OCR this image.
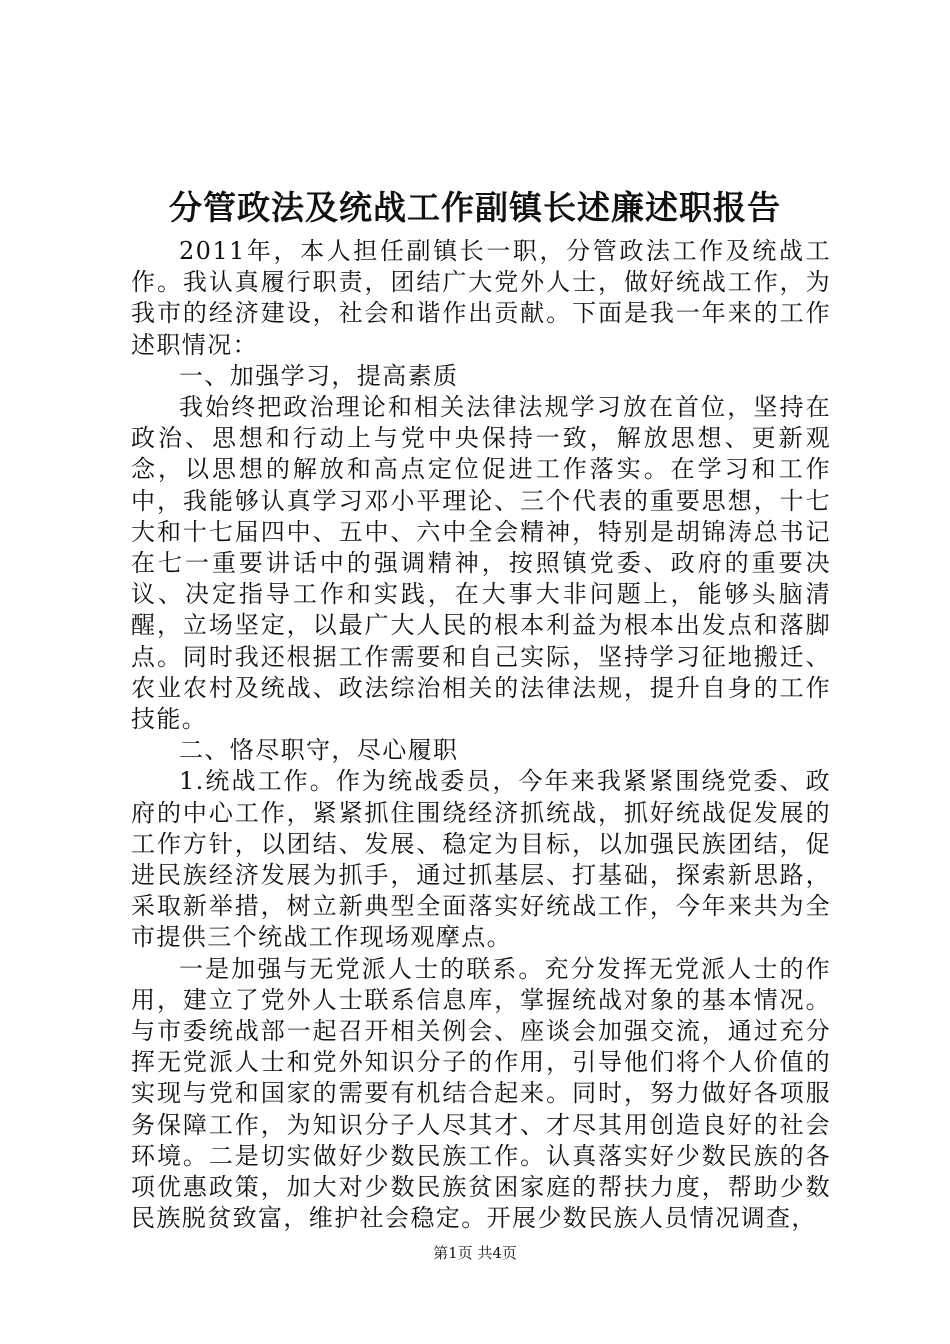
分管政法及统战工作副镇长述廉述职报告

2011年，本人担任副镇长一职，分管政法工作及统战工作。我认真履行职责，团结广大党外人士，做好统战工作，为我市的经济建设，社会和谐作出贡献。下面是我一年来的工作述职情况：

一、加强学习，提高素质

我始终把政治理论和相关法律法规学习放在首位，坚持在政治、思想和行动上与党中央保持一致，解放思想、更新观念，以思想的解放和高点定位促进工作落实。在学习和工作中，我能够认真学习邓小平理论、三个代表的重要思想，十七大和十七届四中、五中、六中全会精神，特别是胡锦涛总书记在七一重要讲话中的强调精神，按照镇党委、政府的重要决议、决定指导工作和实践，在大事大非问题上，能够头脑清醒，立场坚定，以最广大人民的根本利益为根本出发点和落脚点。同时我还根据工作需要和自己实际，坚持学习征地搬迁、农业农村及统战、政法综治相关的法律法规，提升自身的工作技能。

二、恪尽职守，尽心履职

1.统战工作。作为统战委员，今年来我紧紧围绕党委、政府的中心工作，紧紧抓住围绕经济抓统战，抓好统战促发展的工作方针，以团结、发展、稳定为目标，以加强民族团结，促进民族经济发展为抓手，通过抓基层、打基础，探索新思路，采取新举措，树立新典型全面落实好统战工作，今年来共为全市提供三个统战工作现场观摩点。

一是加强与无党派人士的联系。充分发挥无党派人士的作用，建立了党外人士联系信息库，掌握统战对象的基本情况。与市委统战部一起召开相关例会、座谈会加强交流，通过充分挥无党派人士和党外知识分子的作用，引导他们将个人价值的实现与党和国家的需要有机结合起来。同时，努力做好各项服务保障工作，为知识分子人尽其才、才尽其用创造良好的社会环境。二是切实做好少数民族工作。认真落实好少数民族的各项优惠政策，加大对少数民族贫困家庭的帮扶力度，帮助少数民族脱贫致富，维护社会稳定。开展少数民族人员情况调查，

第1页 共4页
